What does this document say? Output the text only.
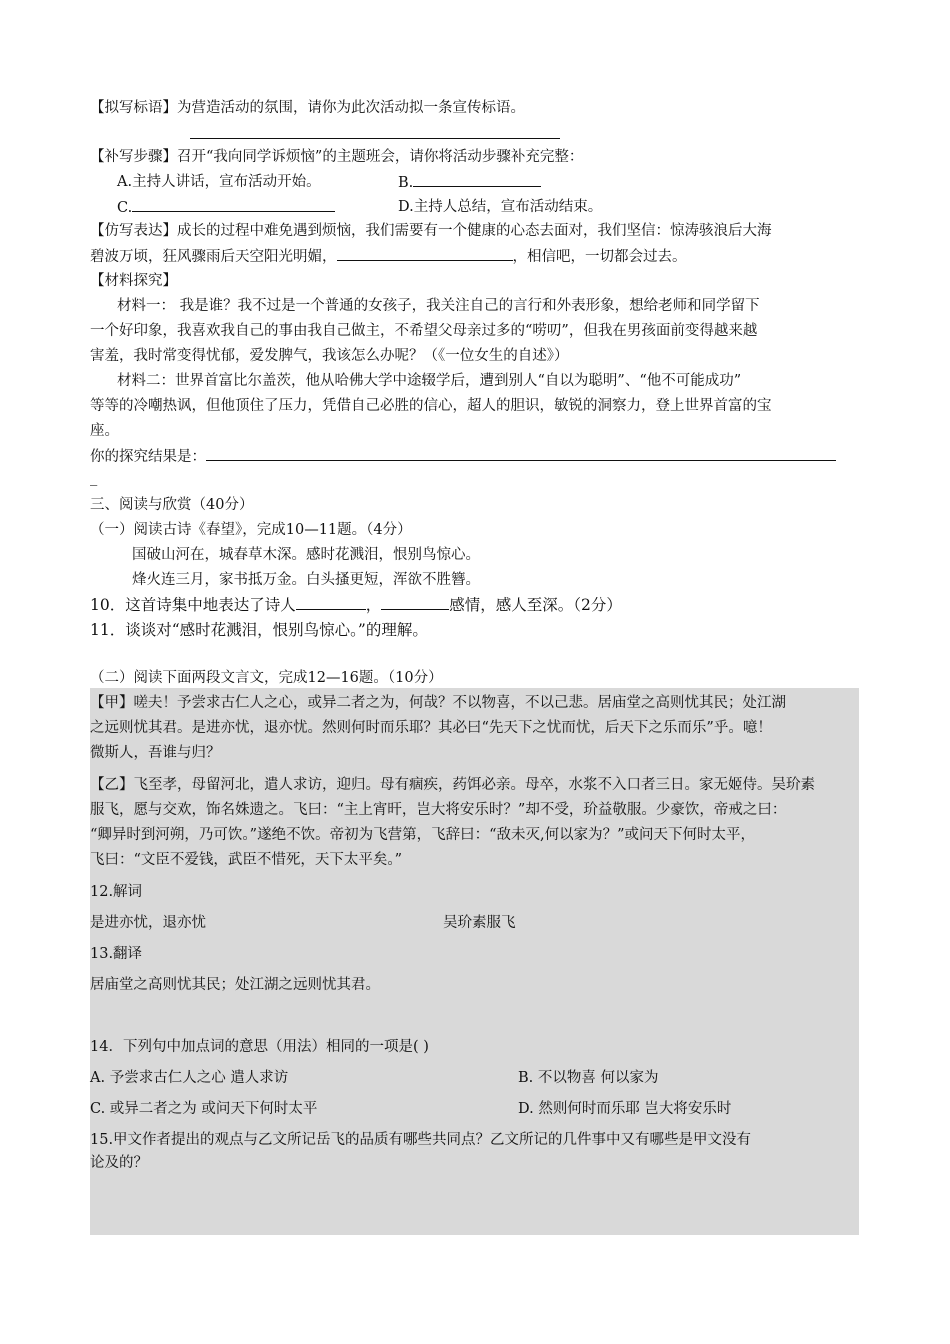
【拟写标语】为营造活动的氛围，请你为此次活动拟一条宣传标语。
【补写步骤】召开“我向同学诉烦恼”的主题班会，请你将活动步骤补充完整：
A.主持人讲话，宣布活动开始。	B.
C.	D.主持人总结，宣布活动结束。
【仿写表达】成长的过程中难免遇到烦恼，我们需要有一个健康的心态去面对，我们坚信：惊涛骇浪后大海
碧波万顷，狂风骤雨后天空阳光明媚，	，相信吧，一切都会过去。
【材料探究】
材料一： 我是谁？我不过是一个普通的女孩子，我关注自己的言行和外表形象，想给老师和同学留下
一个好印象，我喜欢我自己的事由我自己做主，不希望父母亲过多的“唠叨”，但我在男孩面前变得越来越
害羞，我时常变得忧郁，爱发脾气，我该怎么办呢？（《一位女生的自述》）
材料二：世界首富比尔盖茨，他从哈佛大学中途辍学后，遭到别人“自以为聪明”、“他不可能成功”
等等的冷嘲热讽，但他顶住了压力，凭借自己必胜的信心，超人的胆识，敏锐的洞察力，登上世界首富的宝
座。
你的探究结果是：
_
三、阅读与欣赏（40分）
（一）阅读古诗《春望》，完成10—11题。（4分）
国破山河在，城春草木深。感时花溅泪，恨别鸟惊心。
烽火连三月，家书抵万金。白头搔更短，浑欲不胜簪。
10．这首诗集中地表达了诗人	，	感情，感人至深。（2分）
11．谈谈对“感时花溅泪，恨别鸟惊心。”的理解。
（二）阅读下面两段文言文，完成12—16题。（10分）
【甲】嗟夫！予尝求古仁人之心，或异二者之为，何哉？不以物喜，不以己悲。居庙堂之高则忧其民；处江湖
之远则忧其君。是进亦忧，退亦忧。然则何时而乐耶？其必曰“先天下之忧而忧，后天下之乐而乐”乎。噫！
微斯人，吾谁与归？
【乙】飞至孝，母留河北，遣人求访，迎归。母有痼疾，药饵必亲。母卒，水浆不入口者三日。家无姬侍。吴玠素
服飞，愿与交欢，饰名姝遗之。飞曰：“主上宵旰，岂大将安乐时？”却不受，玠益敬服。少豪饮，帝戒之曰：
“卿异时到河朔，乃可饮。”遂绝不饮。帝初为飞营第，飞辞曰：“敌未灭,何以家为？”或问天下何时太平，
飞曰：“文臣不爱钱，武臣不惜死，天下太平矣。”
12.解词
是进亦忧，退亦忧	吴玠素服飞
13.翻译
居庙堂之高则忧其民；处江湖之远则忧其君。
14．下列句中加点词的意思（用法）相同的一项是( )
A. 予尝求古仁人之心 遣人求访	B. 不以物喜 何以家为
C. 或异二者之为 或问天下何时太平	D. 然则何时而乐耶 岂大将安乐时
15.甲文作者提出的观点与乙文所记岳飞的品质有哪些共同点？乙文所记的几件事中又有哪些是甲文没有
论及的？
